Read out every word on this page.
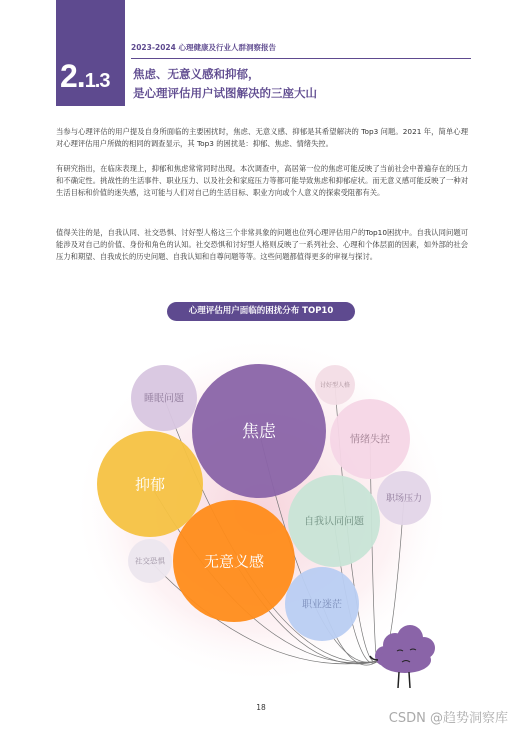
2.1.3
2023-2024 心理健康及行业人群洞察报告
焦虑、无意义感和抑郁，
是心理评估用户试图解决的三座大山
当参与心理评估的用户提及自身所面临的主要困扰时，焦虑、无意义感、抑郁是其希望解决的 Top3 问题。2021 年，简单心理对心理评估用户所做的相同的调查显示，其 Top3 的困扰是：抑郁、焦虑、情绪失控。
有研究指出，在临床表现上，抑郁和焦虑常常同时出现。本次调查中，高居第一位的焦虑可能反映了当前社会中普遍存在的压力和不确定性。挑战性的生活事件、职业压力、以及社会和家庭压力等都可能导致焦虑和抑郁症状。而无意义感可能反映了一种对生活目标和价值的迷失感，这可能与人们对自己的生活目标、职业方向或个人意义的探索受阻都有关。
值得关注的是，自我认同、社交恐惧、讨好型人格这三个非常具象的问题也位列心理评估用户的Top10困扰中。自我认同问题可能涉及对自己的价值、身份和角色的认知。社交恐惧和讨好型人格则反映了一系列社会、心理和个体层面的因素，如外部的社会压力和期望、自我成长的历史问题、自我认知和自尊问题等等。这些问题都值得更多的审视与探讨。
心理评估用户面临的困扰分布 TOP10
焦虑
无意义感
抑郁
自我认同问题
情绪失控
职业迷茫
睡眠问题
职场压力
社交恐惧
讨好型人格
18
CSDN @趋势洞察库
